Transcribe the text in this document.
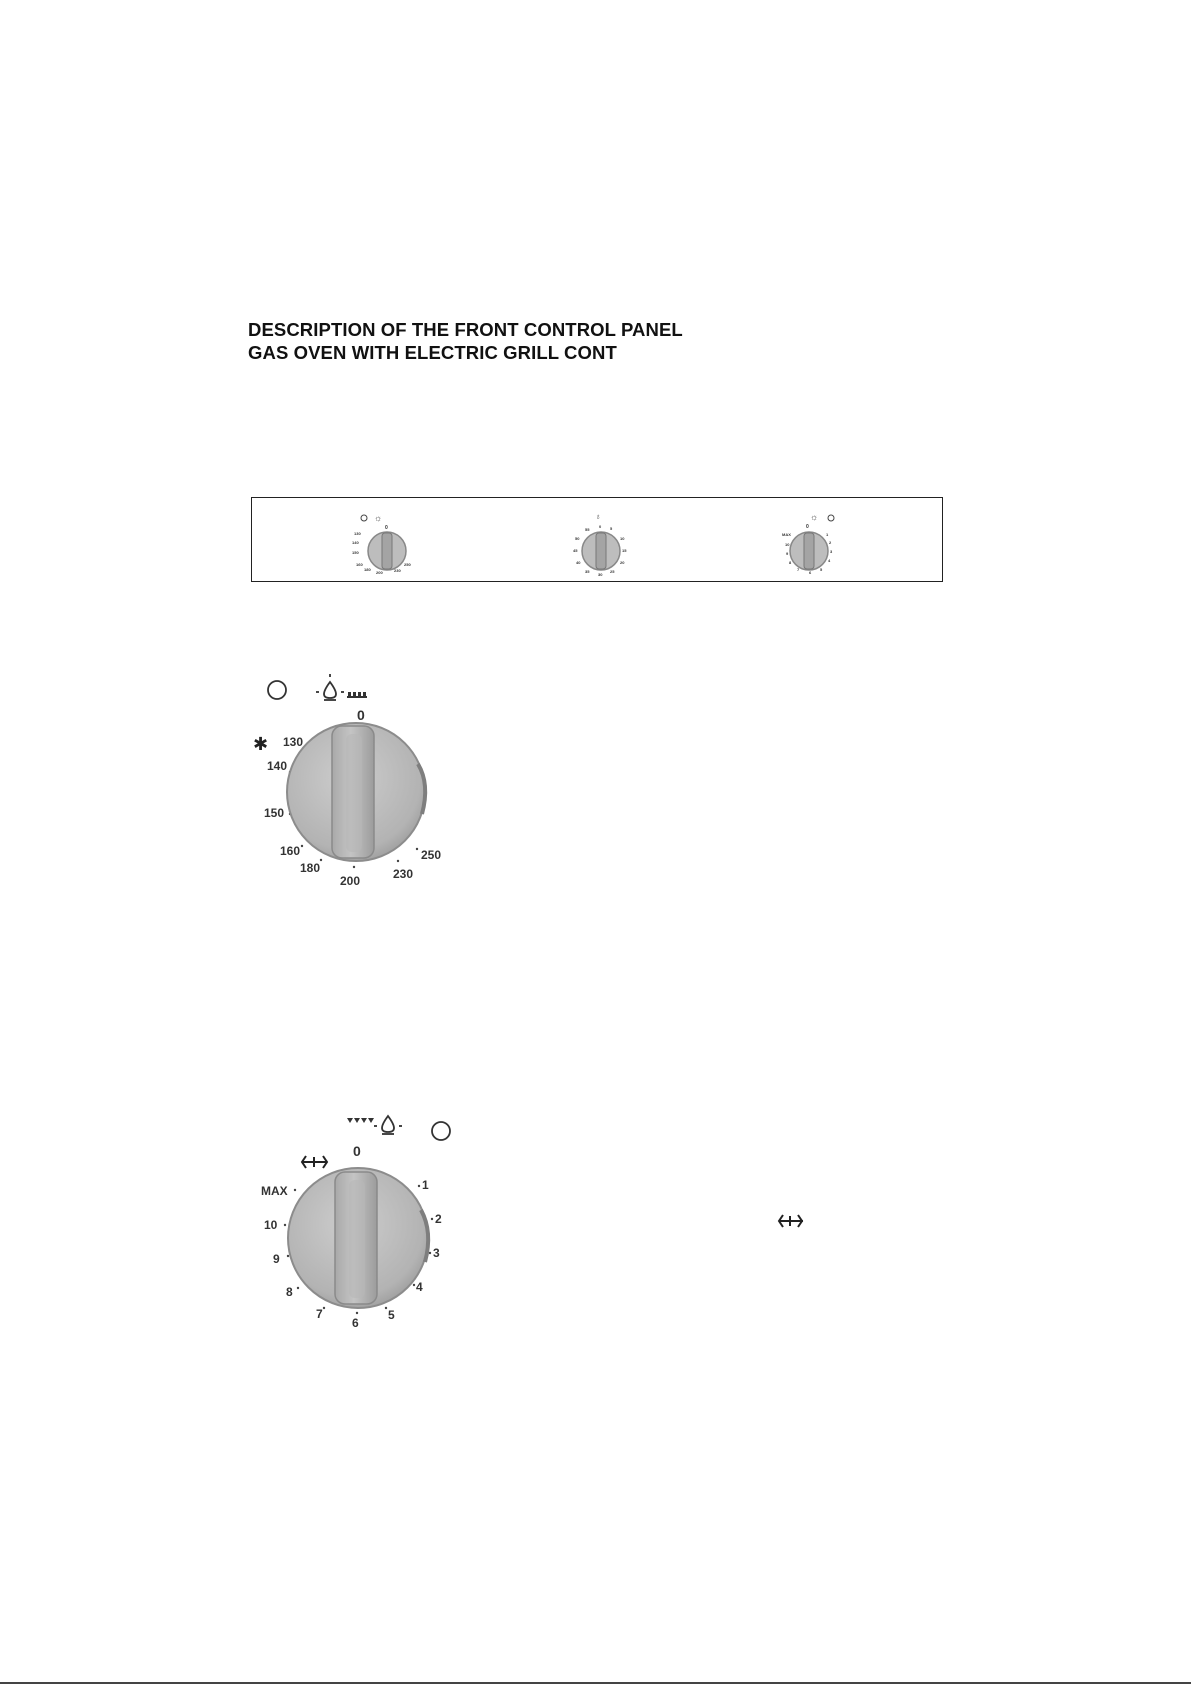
DESCRIPTION OF THE FRONT CONTROL PANEL
GAS OVEN WITH ELECTRIC GRILL CONT
☼
0
130
140
150
160
180
200	230
250
♁
0 5
10
15
20
25
30
35
40
45
50
55
☼
0
1
2
3
4
5
6
7
8
9
10
MAX
0
✱ 130
140
150
160
180
200	230
250
0
1
2
3
4
5
6
7
8
9
10
MAX
